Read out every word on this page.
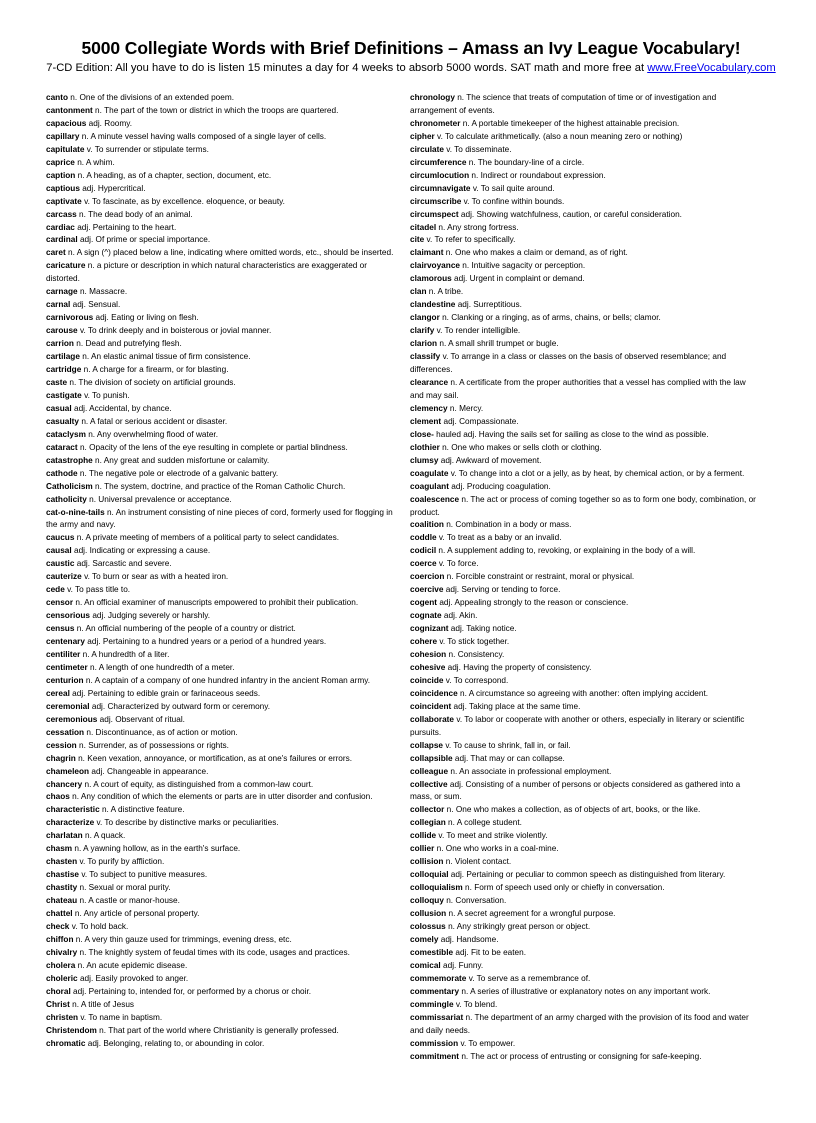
5000 Collegiate Words with Brief Definitions – Amass an Ivy League Vocabulary!

7-CD Edition: All you have to do is listen 15 minutes a day for 4 weeks to absorb 5000 words. SAT math and more free at www.FreeVocabulary.com

canto n. One of the divisions of an extended poem.

cantonment n. The part of the town or district in which the troops are quartered.

capacious adj. Roomy.

capillary n. A minute vessel having walls composed of a single layer of cells.

capitulate v. To surrender or stipulate terms.

caprice n. A whim.

caption n. A heading, as of a chapter, section, document, etc.

captious adj. Hypercritical.

captivate v. To fascinate, as by excellence. eloquence, or beauty.

carcass n. The dead body of an animal.

cardiac adj. Pertaining to the heart.

cardinal adj. Of prime or special importance.

caret n. A sign (^) placed below a line, indicating where omitted words, etc., should be inserted.

caricature n. a picture or description in which natural characteristics are exaggerated or distorted.

carnage n. Massacre.

carnal adj. Sensual.

carnivorous adj. Eating or living on flesh.

carouse v. To drink deeply and in boisterous or jovial manner.

carrion n. Dead and putrefying flesh.

cartilage n. An elastic animal tissue of firm consistence.

cartridge n. A charge for a firearm, or for blasting.

caste n. The division of society on artificial grounds.

castigate v. To punish.

casual adj. Accidental, by chance.

casualty n. A fatal or serious accident or disaster.

cataclysm n. Any overwhelming flood of water.

cataract n. Opacity of the lens of the eye resulting in complete or partial blindness.

catastrophe n. Any great and sudden misfortune or calamity.

cathode n. The negative pole or electrode of a galvanic battery.

Catholicism n. The system, doctrine, and practice of the Roman Catholic Church.

catholicity n. Universal prevalence or acceptance.

cat-o-nine-tails n. An instrument consisting of nine pieces of cord, formerly used for flogging in the army and navy.

caucus n. A private meeting of members of a political party to select candidates.

causal adj. Indicating or expressing a cause.

caustic adj. Sarcastic and severe.

cauterize v. To burn or sear as with a heated iron.

cede v. To pass title to.

censor n. An official examiner of manuscripts empowered to prohibit their publication.

censorious adj. Judging severely or harshly.

census n. An official numbering of the people of a country or district.

centenary adj. Pertaining to a hundred years or a period of a hundred years.

centiliter n. A hundredth of a liter.

centimeter n. A length of one hundredth of a meter.

centurion n. A captain of a company of one hundred infantry in the ancient Roman army.

cereal adj. Pertaining to edible grain or farinaceous seeds.

ceremonial adj. Characterized by outward form or ceremony.

ceremonious adj. Observant of ritual.

cessation n. Discontinuance, as of action or motion.

cession n. Surrender, as of possessions or rights.

chagrin n. Keen vexation, annoyance, or mortification, as at one's failures or errors.

chameleon adj. Changeable in appearance.

chancery n. A court of equity, as distinguished from a common-law court.

chaos n. Any condition of which the elements or parts are in utter disorder and confusion.

characteristic n. A distinctive feature.

characterize v. To describe by distinctive marks or peculiarities.

charlatan n. A quack.

chasm n. A yawning hollow, as in the earth's surface.

chasten v. To purify by affliction.

chastise v. To subject to punitive measures.

chastity n. Sexual or moral purity.

chateau n. A castle or manor-house.

chattel n. Any article of personal property.

check v. To hold back.

chiffon n. A very thin gauze used for trimmings, evening dress, etc.

chivalry n. The knightly system of feudal times with its code, usages and practices.

cholera n. An acute epidemic disease.

choleric adj. Easily provoked to anger.

choral adj. Pertaining to, intended for, or performed by a chorus or choir.

Christ n. A title of Jesus

christen v. To name in baptism.

Christendom n. That part of the world where Christianity is generally professed.

chromatic adj. Belonging, relating to, or abounding in color.

chronology n. The science that treats of computation of time or of investigation and arrangement of events.

chronometer n. A portable timekeeper of the highest attainable precision.

cipher v. To calculate arithmetically. (also a noun meaning zero or nothing)

circulate v. To disseminate.

circumference n. The boundary-line of a circle.

circumlocution n. Indirect or roundabout expression.

circumnavigate v. To sail quite around.

circumscribe v. To confine within bounds.

circumspect adj. Showing watchfulness, caution, or careful consideration.

citadel n. Any strong fortress.

cite v. To refer to specifically.

claimant n. One who makes a claim or demand, as of right.

clairvoyance n. Intuitive sagacity or perception.

clamorous adj. Urgent in complaint or demand.

clan n. A tribe.

clandestine adj. Surreptitious.

clangor n. Clanking or a ringing, as of arms, chains, or bells; clamor.

clarify v. To render intelligible.

clarion n. A small shrill trumpet or bugle.

classify v. To arrange in a class or classes on the basis of observed resemblance; and differences.

clearance n. A certificate from the proper authorities that a vessel has complied with the law and may sail.

clemency n. Mercy.

clement adj. Compassionate.

close- hauled adj. Having the sails set for sailing as close to the wind as possible.

clothier n. One who makes or sells cloth or clothing.

clumsy adj. Awkward of movement.

coagulate v. To change into a clot or a jelly, as by heat, by chemical action, or by a ferment.

coagulant adj. Producing coagulation.

coalescence n. The act or process of coming together so as to form one body, combination, or product.

coalition n. Combination in a body or mass.

coddle v. To treat as a baby or an invalid.

codicil n. A supplement adding to, revoking, or explaining in the body of a will.

coerce v. To force.

coercion n. Forcible constraint or restraint, moral or physical.

coercive adj. Serving or tending to force.

cogent adj. Appealing strongly to the reason or conscience.

cognate adj. Akin.

cognizant adj. Taking notice.

cohere v. To stick together.

cohesion n. Consistency.

cohesive adj. Having the property of consistency.

coincide v. To correspond.

coincidence n. A circumstance so agreeing with another: often implying accident.

coincident adj. Taking place at the same time.

collaborate v. To labor or cooperate with another or others, especially in literary or scientific pursuits.

collapse v. To cause to shrink, fall in, or fail.

collapsible adj. That may or can collapse.

colleague n. An associate in professional employment.

collective adj. Consisting of a number of persons or objects considered as gathered into a mass, or sum.

collector n. One who makes a collection, as of objects of art, books, or the like.

collegian n. A college student.

collide v. To meet and strike violently.

collier n. One who works in a coal-mine.

collision n. Violent contact.

colloquial adj. Pertaining or peculiar to common speech as distinguished from literary.

colloquialism n. Form of speech used only or chiefly in conversation.

colloquy n. Conversation.

collusion n. A secret agreement for a wrongful purpose.

colossus n. Any strikingly great person or object.

comely adj. Handsome.

comestible adj. Fit to be eaten.

comical adj. Funny.

commemorate v. To serve as a remembrance of.

commentary n. A series of illustrative or explanatory notes on any important work.

commingle v. To blend.

commissariat n. The department of an army charged with the provision of its food and water and daily needs.

commission v. To empower.

commitment n. The act or process of entrusting or consigning for safe-keeping.
